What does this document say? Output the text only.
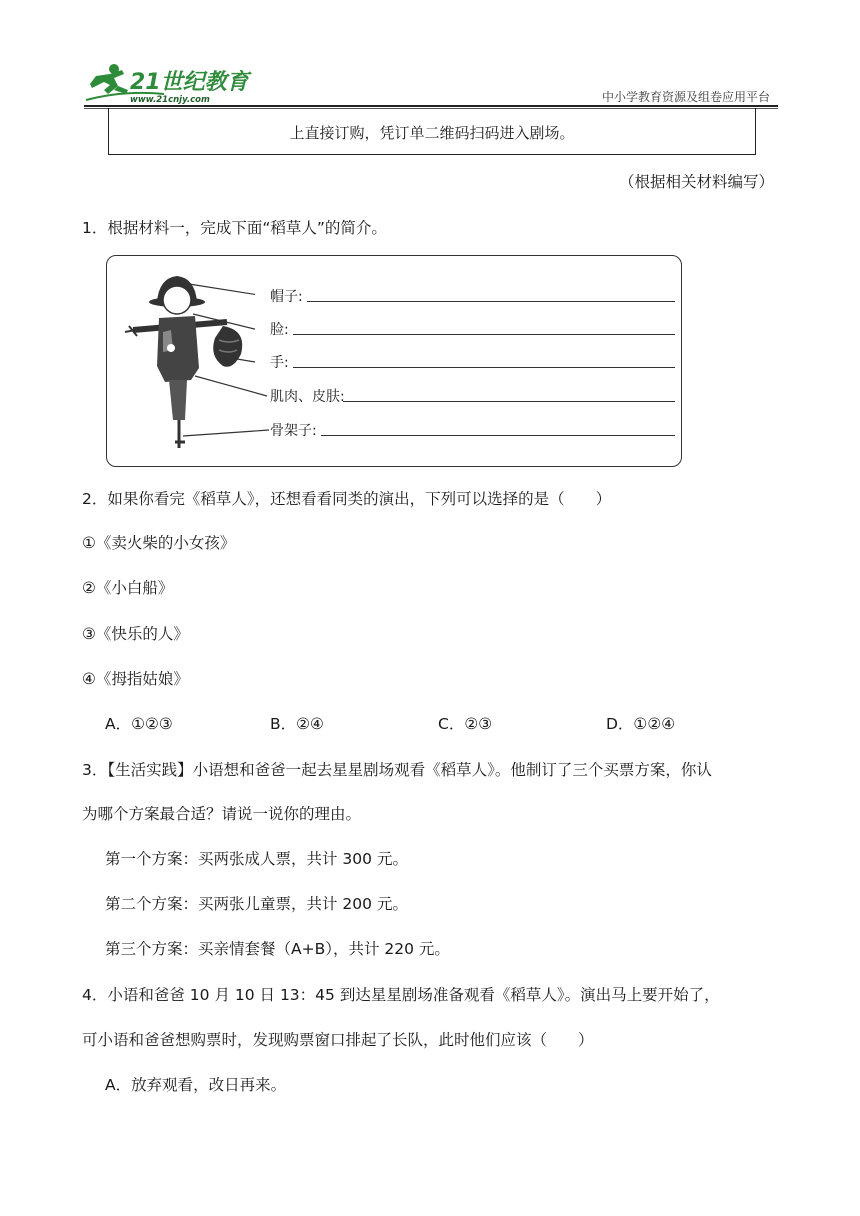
21世纪教育
www.21cnjy.com	中小学教育资源及组卷应用平台
上直接订购，凭订单二维码扫码进入剧场。
（根据相关材料编写）
1．根据材料一，完成下面“稻草人”的简介。
帽子:
脸:
手:
肌肉、皮肤:
骨架子:
2．如果你看完《稻草人》，还想看看同类的演出，下列可以选择的是（　　）
①《卖火柴的小女孩》
②《小白船》
③《快乐的人》
④《拇指姑娘》
A．①②③	B．②④	C．②③	D．①②④
3．【生活实践】小语想和爸爸一起去星星剧场观看《稻草人》。他制订了三个买票方案，你认
为哪个方案最合适？请说一说你的理由。
第一个方案：买两张成人票，共计 300 元。
第二个方案：买两张儿童票，共计 200 元。
第三个方案：买亲情套餐（A+B），共计 220 元。
4．小语和爸爸 10 月 10 日 13：45 到达星星剧场准备观看《稻草人》。演出马上要开始了，
可小语和爸爸想购票时，发现购票窗口排起了长队，此时他们应该（　　）
A．放弃观看，改日再来。
